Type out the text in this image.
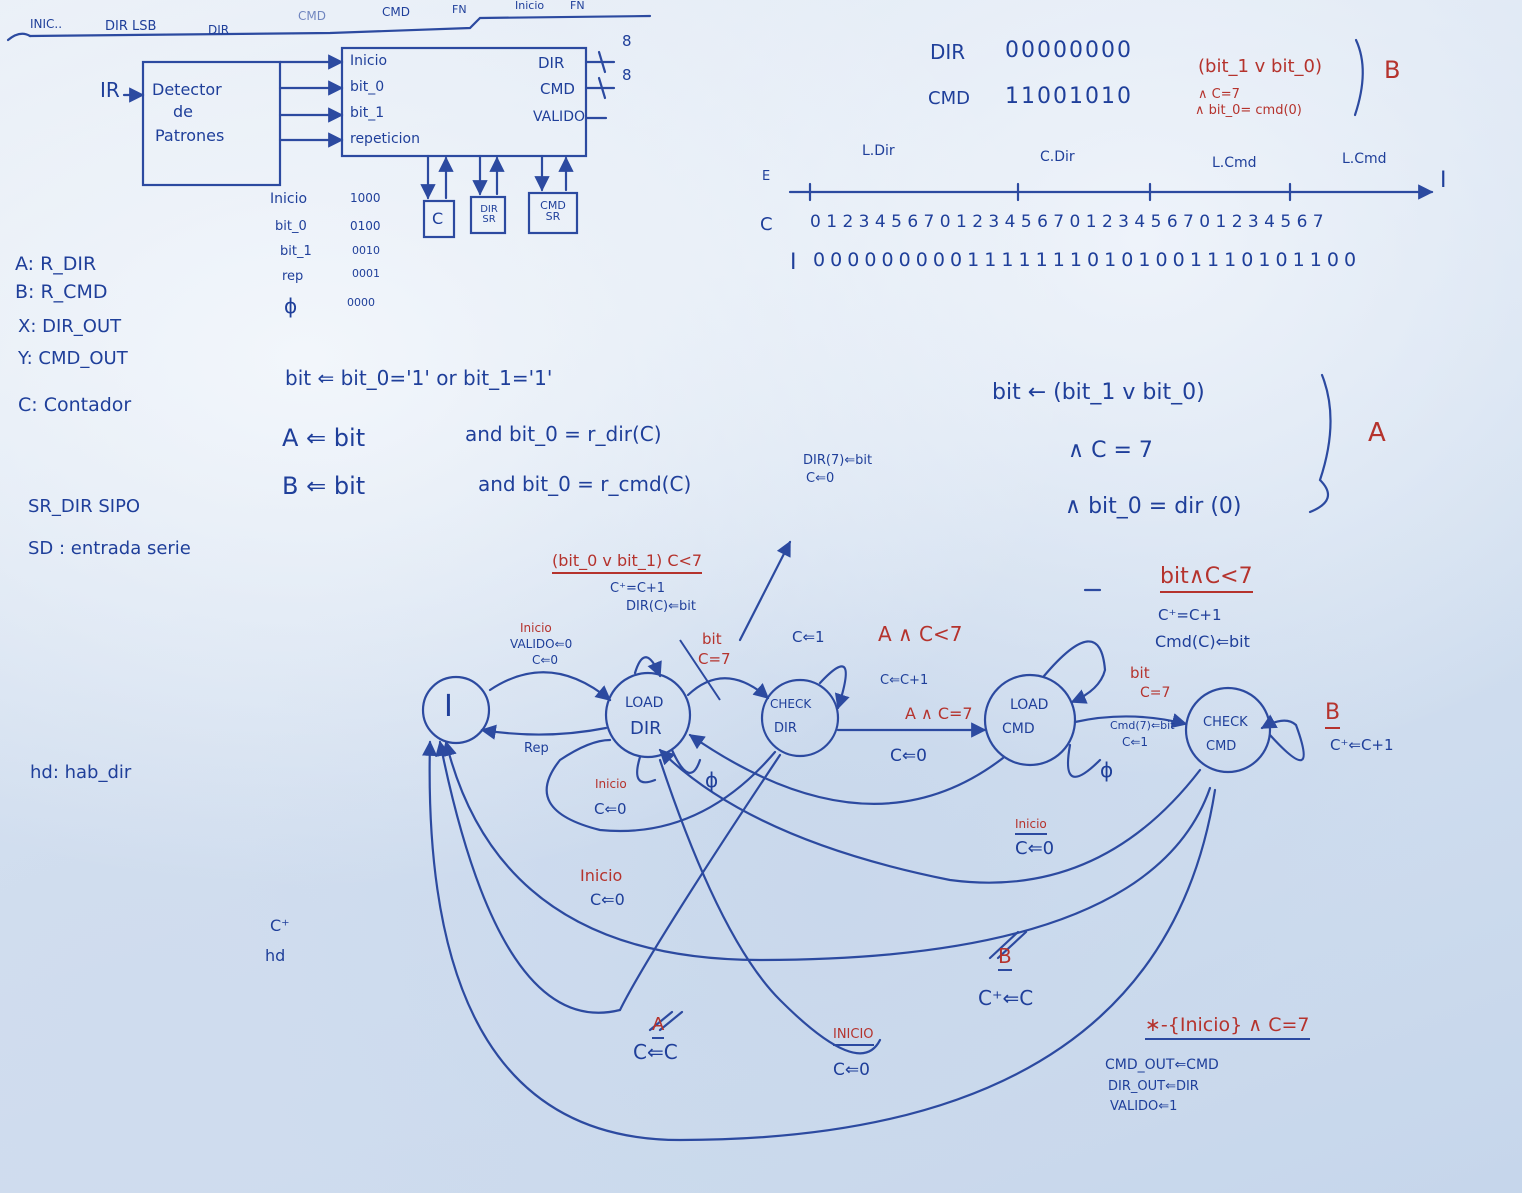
INIC..	DIR LSB	DIR
CMD	CMD	FN	Inicio FN
IR Detector
de
Patrones
Inicio
bit_0
bit_1
repeticion
DIR
CMD
VALIDO
8
8
C	DIR SR
CMD SR
Inicio	1000
bit_0	0100
bit_1	0010
rep	0001
ϕ	0000
A: R_DIR
B: R_CMD
X: DIR_OUT
Y: CMD_OUT
C: Contador
SR_DIR SIPO
SD : entrada serie
hd: hab_dir
C⁺
hd
bit ⇐ bit_0='1' or bit_1='1'
A ⇐ bit	and bit_0 = r_dir(C)
B ⇐ bit	and bit_0 = r_cmd(C)
DIR 00000000
CMD 11001010
(bit_1 v bit_0)
∧ C=7
∧ bit_0= cmd(0)
B
E	I
L.Dir	C.Dir	L.Cmd	L.Cmd
C 0 1 2 3 4 5 6 7 0 1 2 3 4 5 6 7 0 1 2 3 4 5 6 7 0 1 2 3 4 5 6 7
I 0 0 0 0 0 0 0 0 0 1 1 1 1 1 1 1 0 1 0 1 0 0 1 1 1 0 1 0 1 1 0 0
bit ← (bit_1 v bit_0)
∧ C = 7
∧ bit_0 = dir (0)
A
I	LOAD
DIR
CHECK
DIR
LOAD
CMD	CHECK
CMD
Inicio
VALIDO⇐0
C⇐0
Rep
(bit_0 v bit_1) C<7
C⁺=C+1
DIR(C)⇐bit
bit
C=7
C⇐1
DIR(7)⇐bit
C⇐0
A ∧ C<7
C⇐C+1
A ∧ C=7
C⇐0
Inicio
C⇐0
ϕ
bit∧C<7
C⁺=C+1
Cmd(C)⇐bit
bit
C=7
Cmd(7)⇐bit
C⇐1
ϕ
B
C⁺⇐C+1
Inicio
C⇐0
Inicio
C⇐0
B
C⁺⇐C
A
C⇐C
INICIO
C⇐0
∗-{Inicio} ∧ C=7
CMD_OUT⇐CMD
DIR_OUT⇐DIR
VALIDO⇐1
